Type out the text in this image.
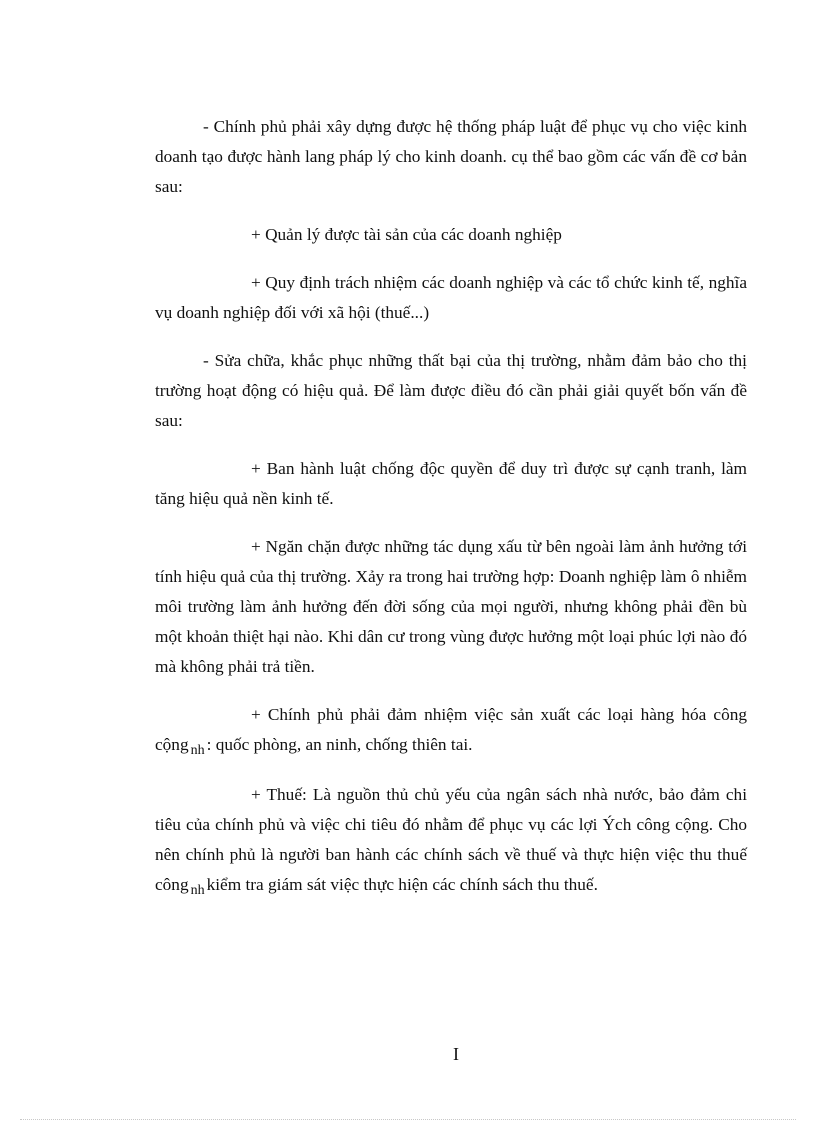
- Chính phủ phải xây dựng được hệ thống pháp luật để phục vụ cho việc kinh doanh tạo được hành lang pháp lý cho kinh doanh. cụ thể bao gồm các vấn đề cơ bản sau:

+ Quản lý được tài sản của các doanh nghiệp

+ Quy định trách nhiệm các doanh nghiệp và các tổ chức kinh tế, nghĩa vụ doanh nghiệp đối với xã hội (thuế...)

- Sửa chữa, khắc phục những thất bại của thị trường, nhằm đảm bảo cho thị trường hoạt động có hiệu quả. Để làm được điều đó cần phải giải quyết bốn vấn đề sau:

+ Ban hành luật chống độc quyền để duy trì được sự cạnh tranh, làm tăng hiệu quả nền kinh tế.

+ Ngăn chặn được những tác dụng xấu từ bên ngoài làm ảnh hưởng tới tính hiệu quả của thị trường. Xảy ra trong hai trường hợp: Doanh nghiệp làm ô nhiễm môi trường làm ảnh hưởng đến đời sống của mọi người, nhưng không phải đền bù một khoản thiệt hại nào. Khi dân cư trong vùng được hưởng một loại phúc lợi nào đó mà không phải trả tiền.

+ Chính phủ phải đảm nhiệm việc sản xuất các loại hàng hóa công cộng $_{nh}$ : quốc phòng, an ninh, chống thiên tai.

+ Thuế: Là nguồn thủ chủ yếu của ngân sách nhà nước, bảo đảm chi tiêu của chính phủ và việc chi tiêu đó nhằm để phục vụ các lợi Ých công cộng. Cho nên chính phủ là người ban hành các chính sách về thuế và thực hiện việc thu thuế công $_{nh}$ kiểm tra giám sát việc thực hiện các chính sách thu thuế.

I
